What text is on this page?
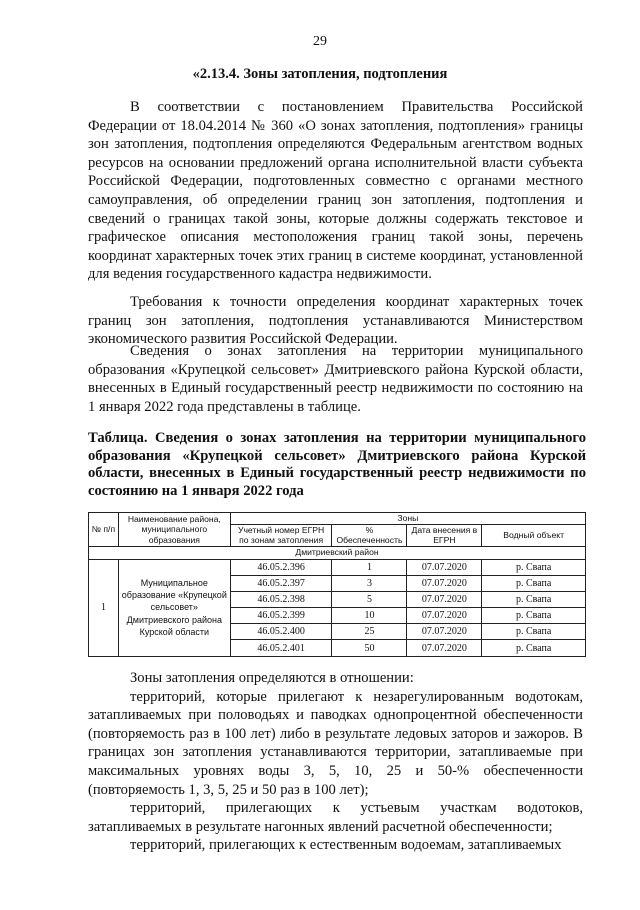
29
«2.13.4. Зоны затопления, подтопления

В соответствии с постановлением Правительства Российской Федерации от 18.04.2014 № 360 «О зонах затопления, подтопления» границы зон затопления, подтопления определяются Федеральным агентством водных ресурсов на основании предложений органа исполнительной власти субъекта Российской Федерации, подготовленных совместно с органами местного самоуправления, об определении границ зон затопления, подтопления и сведений о границах такой зоны, которые должны содержать текстовое и графическое описания местоположения границ такой зоны, перечень координат характерных точек этих границ в системе координат, установленной для ведения государственного кадастра недвижимости.

Требования к точности определения координат характерных точек границ зон затопления, подтопления устанавливаются Министерством экономического развития Российской Федерации.

Сведения о зонах затопления на территории муниципального образования «Крупецкой сельсовет» Дмитриевского района Курской области, внесенных в Единый государственный реестр недвижимости по состоянию на 1 января 2022 года представлены в таблице.

Таблица. Сведения о зонах затопления на территории муниципального образования «Крупецкой сельсовет» Дмитриевского района Курской области, внесенных в Единый государственный реестр недвижимости по состоянию на 1 января 2022 года
№ п/п	Наименование района, муниципального образования	Зоны			
		Учетный номер ЕГРН по зонам затопления	% Обеспеченность	Дата внесения в ЕГРН	Водный объект
Дмитриевский район					
1	Муниципальное образование «Крупецкой сельсовет» Дмитриевского района Курской области	46.05.2.396	1	07.07.2020	р. Свапа
		46.05.2.397	3	07.07.2020	р. Свапа
		46.05.2.398	5	07.07.2020	р. Свапа
		46.05.2.399	10	07.07.2020	р. Свапа
		46.05.2.400	25	07.07.2020	р. Свапа
		46.05.2.401	50	07.07.2020	р. Свапа

Зоны затопления определяются в отношении:

территорий, которые прилегают к незарегулированным водотокам, затапливаемых при половодьях и паводках однопроцентной обеспеченности (повторяемость раз в 100 лет) либо в результате ледовых заторов и зажоров. В границах зон затопления устанавливаются территории, затапливаемые при максимальных уровнях воды 3, 5, 10, 25 и 50-% обеспеченности (повторяемость 1, 3, 5, 25 и 50 раз в 100 лет);

территорий, прилегающих к устьевым участкам водотоков, затапливаемых в результате нагонных явлений расчетной обеспеченности;

территорий, прилегающих к естественным водоемам, затапливаемых
